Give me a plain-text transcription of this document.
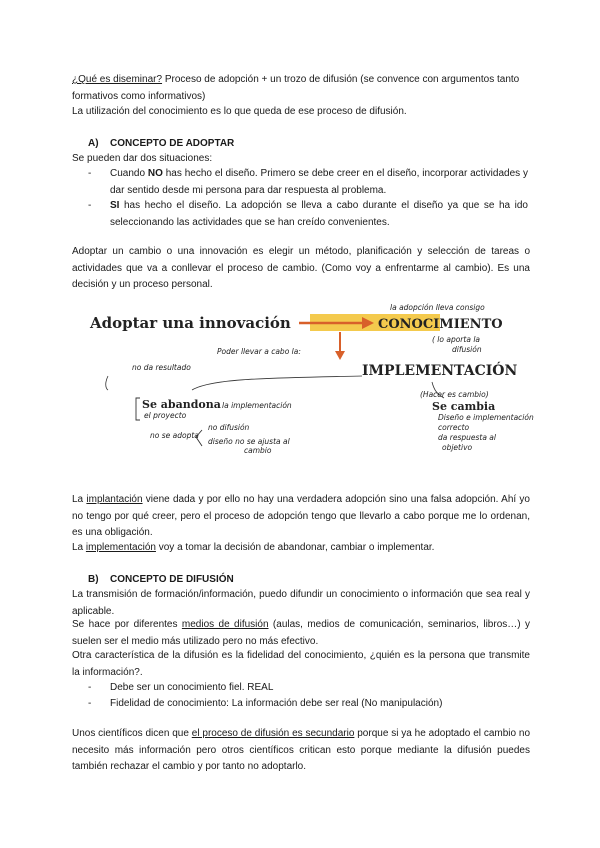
¿Qué es diseminar? Proceso de adopción + un trozo de difusión (se convence con argumentos tanto formativos como informativos)

La utilización del conocimiento es lo que queda de ese proceso de difusión.

A) CONCEPTO DE ADOPTAR

Se pueden dar dos situaciones:

- Cuando NO has hecho el diseño. Primero se debe creer en el diseño, incorporar actividades y dar sentido desde mi persona para dar respuesta al problema.
- SI has hecho el diseño. La adopción se lleva a cabo durante el diseño ya que se ha ido seleccionando las actividades que se han creído convenientes.

Adoptar un cambio o una innovación es elegir un método, planificación y selección de tareas o actividades que va a conllevar el proceso de cambio. (Como voy a enfrentarme al cambio). Es una decisión y un proceso personal.

Adoptar una innovación	CONOCIMIENTO
la adopción lleva consigo
( lo aporta la
difusión
Poder llevar a cabo la:
IMPLEMENTACIÓN
no da resultado
(Hacer es cambio)
Se abandona la implementación
el proyecto
Se cambia
Diseño e implementación
correcto
da respuesta al
objetivo
no se adopta
no difusión
diseño no se ajusta al
cambio

La implantación viene dada y por ello no hay una verdadera adopción sino una falsa adopción. Ahí yo no tengo por qué creer, pero el proceso de adopción tengo que llevarlo a cabo porque me lo ordenan, es una obligación.

La implementación voy a tomar la decisión de abandonar, cambiar o implementar.

B) CONCEPTO DE DIFUSIÓN

La transmisión de formación/información, puedo difundir un conocimiento o información que sea real y aplicable.

Se hace por diferentes medios de difusión (aulas, medios de comunicación, seminarios, libros…) y suelen ser el medio más utilizado pero no más efectivo.

Otra característica de la difusión es la fidelidad del conocimiento, ¿quién es la persona que transmite la información?.

- Debe ser un conocimiento fiel. REAL
- Fidelidad de conocimiento: La información debe ser real (No manipulación)

Unos científicos dicen que el proceso de difusión es secundario porque si ya he adoptado el cambio no necesito más información pero otros científicos critican esto porque mediante la difusión puedes también rechazar el cambio y por tanto no adoptarlo.
